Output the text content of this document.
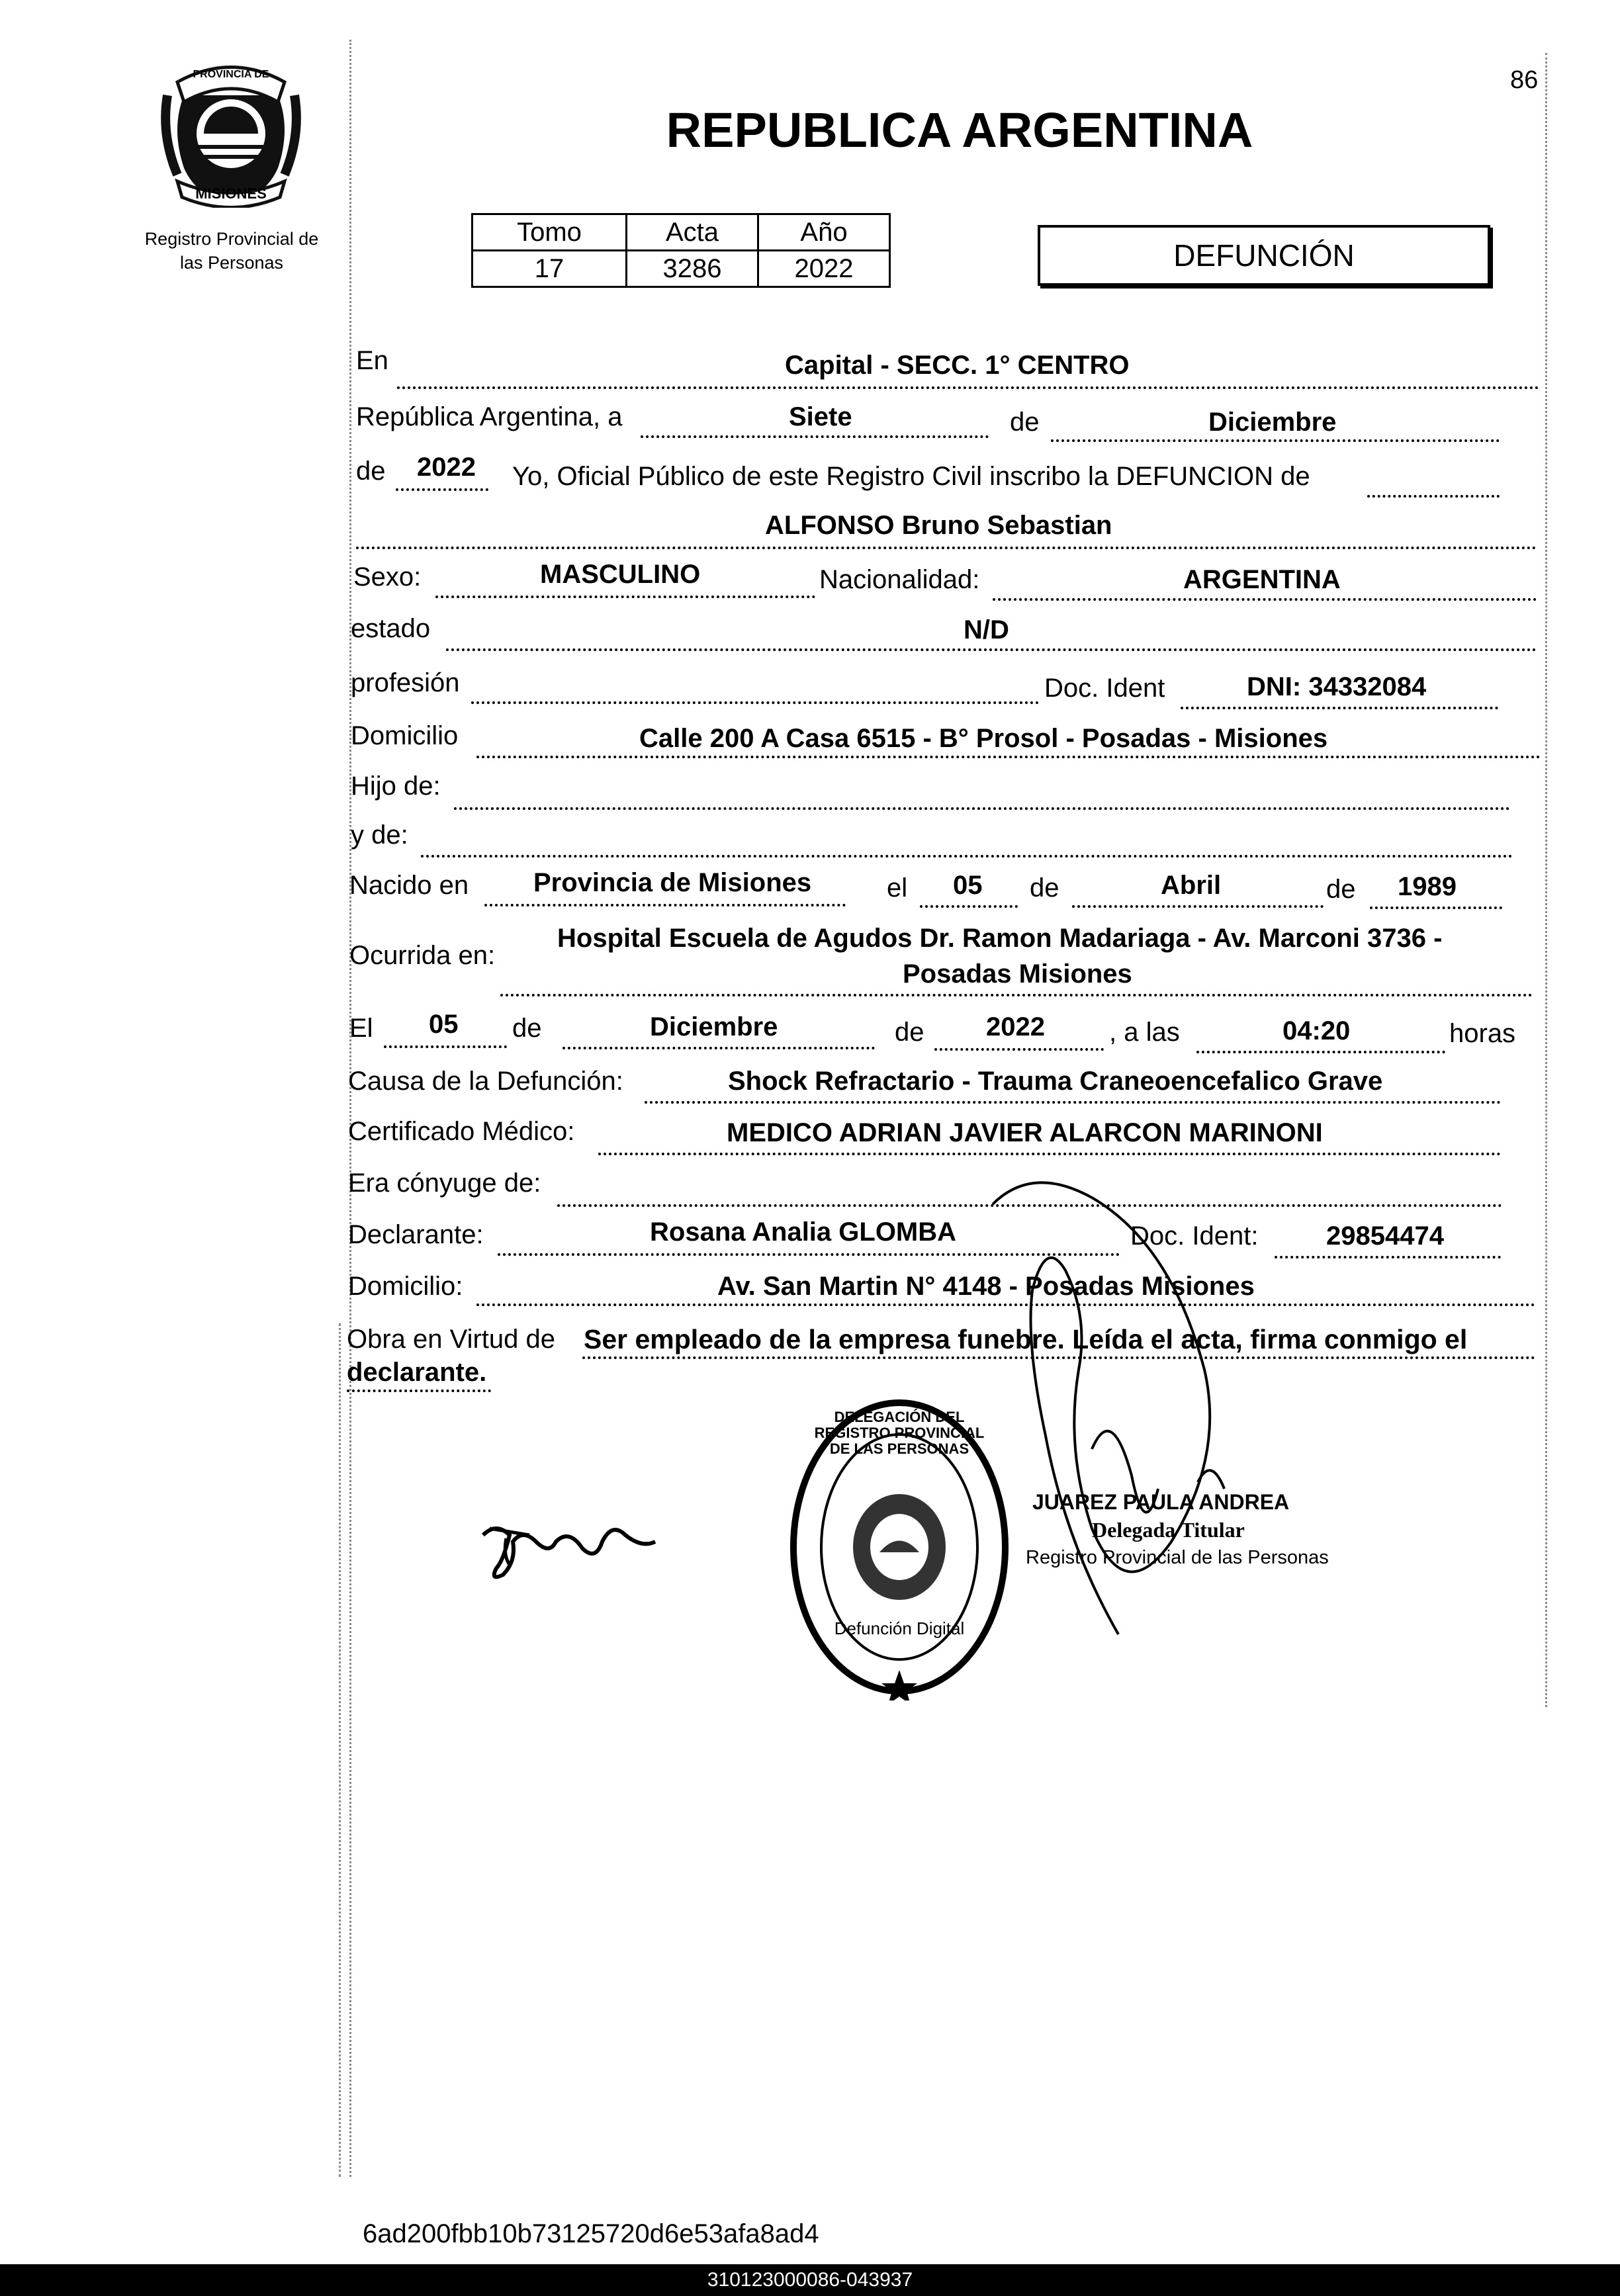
86
PROVINCIA DE
MISIONES
Registro Provincial de
las Personas
REPUBLICA ARGENTINA
Tomo	Acta	Año
17	3286	2022	DEFUNCIÓN
En	Capital - SECC. 1° CENTRO
República Argentina, a	Siete	de	Diciembre
de 2022 Yo, Oficial Público de este Registro Civil inscribo la DEFUNCION de
ALFONSO Bruno Sebastian
Sexo:	MASCULINO	Nacionalidad:	ARGENTINA
estado	N/D
profesión	Doc. Ident	DNI: 34332084
Domicilio	Calle 200 A Casa 6515 - B° Prosol - Posadas - Misiones
Hijo de:
y de:
Nacido en Provincia de Misiones	el 05 de	Abril	de 1989
Ocurrida en:
Hospital Escuela de Agudos Dr. Ramon Madariaga - Av. Marconi 3736 -
Posadas Misiones
El 05 de	Diciembre	de 2022 , a las	04:20	horas
Causa de la Defunción:	Shock Refractario - Trauma Craneoencefalico Grave
Certificado Médico:	MEDICO ADRIAN JAVIER ALARCON MARINONI
Era cónyuge de:
Declarante:	Rosana Analia GLOMBA	Doc. Ident:	29854474
Domicilio:	Av. San Martin N° 4148 - Posadas Misiones
Obra en Virtud de Ser empleado de la empresa funebre. Leída el acta, firma conmigo el
declarante.
DELEGACIÓN DEL REGISTRO PROVINCIAL DE LAS PERSONAS
Defunción Digital
JUAREZ PAULA ANDREA
Delegada Titular
Registro Provincial de las Personas
6ad200fbb10b73125720d6e53afa8ad4
310123000086-043937
